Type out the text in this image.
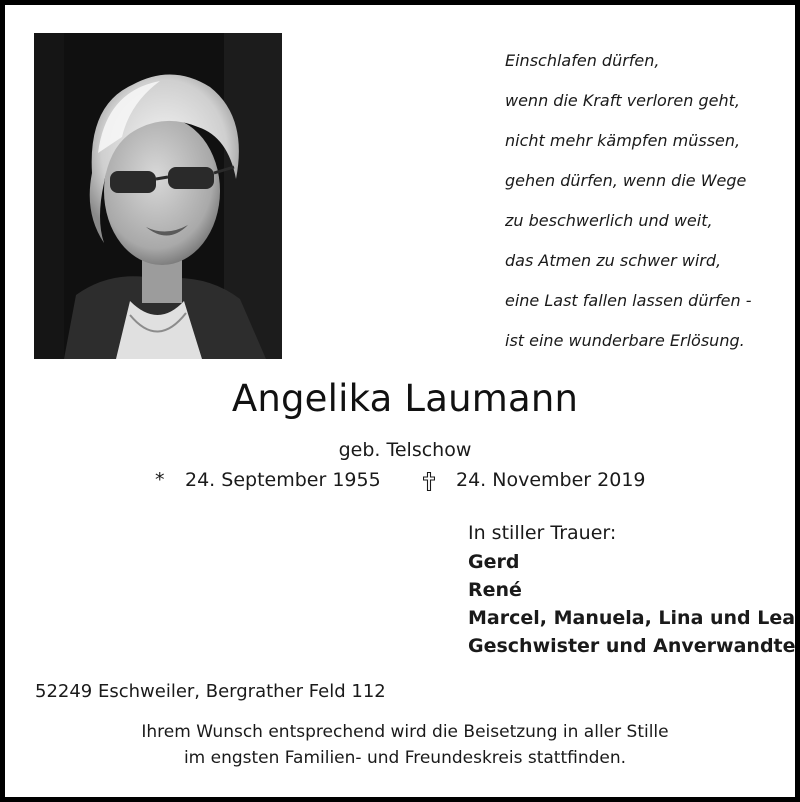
Einschlafen dürfen,
wenn die Kraft verloren geht,
nicht mehr kämpfen müssen,
gehen dürfen, wenn die Wege
zu beschwerlich und weit,
das Atmen zu schwer wird,
eine Last fallen lassen dürfen -
ist eine wunderbare Erlösung.
Angelika Laumann
geb. Telschow
* 24. September 1955	24. November 2019
In stiller Trauer:
Gerd
René
Marcel, Manuela, Lina und Lea
Geschwister und Anverwandte
52249 Eschweiler, Bergrather Feld 112
Ihrem Wunsch entsprechend wird die Beisetzung in aller Stille
im engsten Familien- und Freundeskreis stattfinden.
